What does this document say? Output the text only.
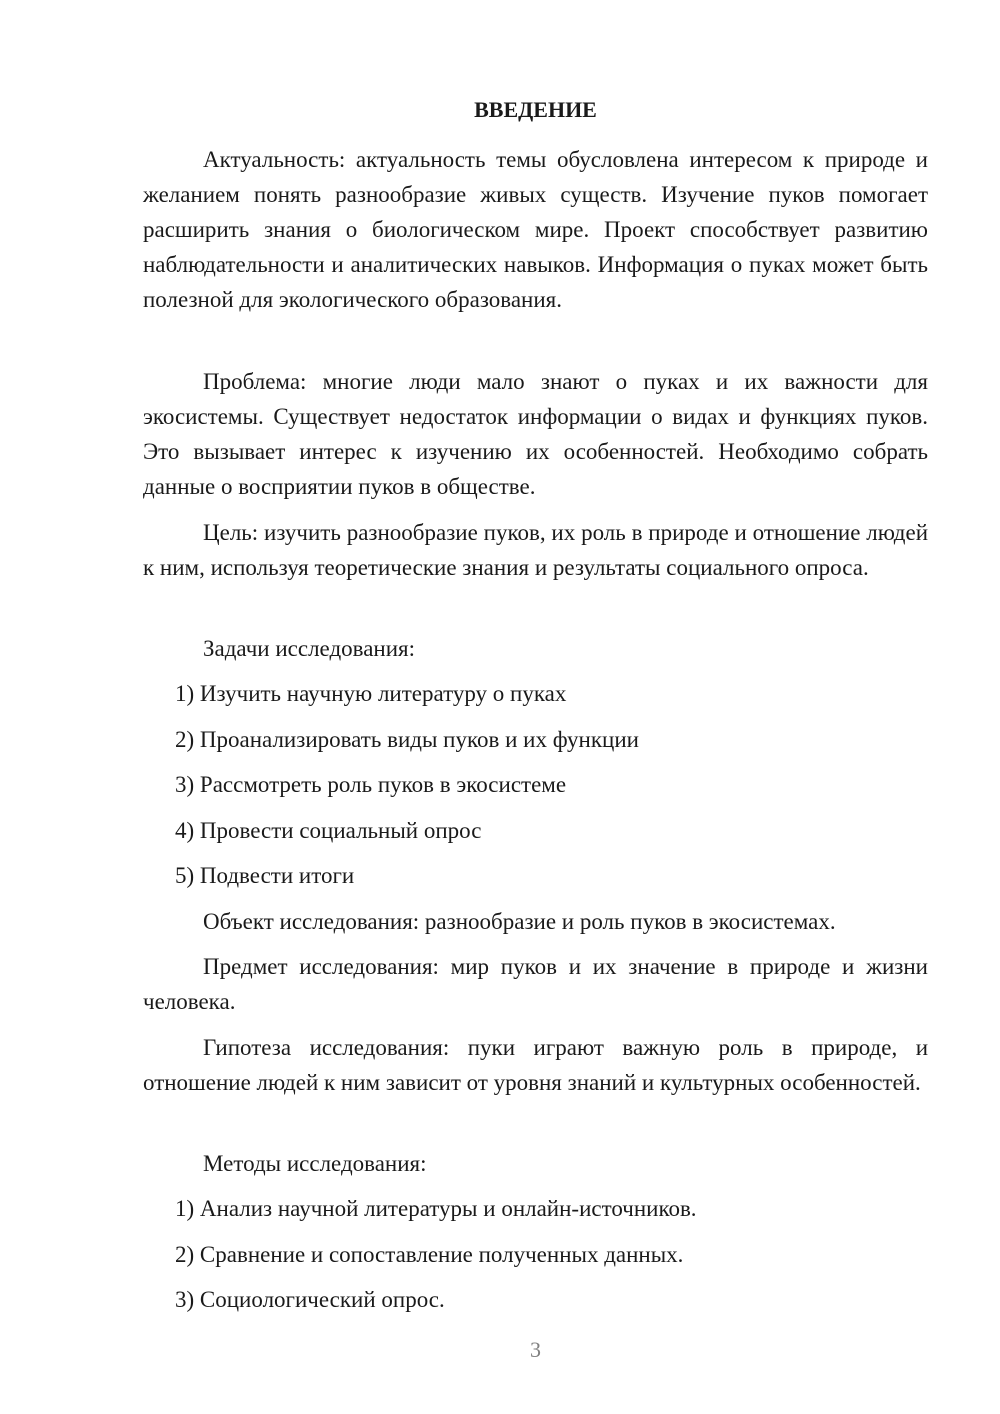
ВВЕДЕНИЕ

Актуальность: актуальность темы обусловлена интересом к природе и желанием понять разнообразие живых существ. Изучение пуков помогает расширить знания о биологическом мире. Проект способствует развитию наблюдательности и аналитических навыков. Информация о пуках может быть полезной для экологического образования.

Проблема: многие люди мало знают о пуках и их важности для экосистемы. Существует недостаток информации о видах и функциях пуков. Это вызывает интерес к изучению их особенностей. Необходимо собрать данные о восприятии пуков в обществе.

Цель: изучить разнообразие пуков, их роль в природе и отношение людей к ним, используя теоретические знания и результаты социального опроса.

Задачи исследования:

1) Изучить научную литературу о пуках

2) Проанализировать виды пуков и их функции

3) Рассмотреть роль пуков в экосистеме

4) Провести социальный опрос

5) Подвести итоги

Объект исследования: разнообразие и роль пуков в экосистемах.

Предмет исследования: мир пуков и их значение в природе и жизни человека.

Гипотеза исследования: пуки играют важную роль в природе, и отношение людей к ним зависит от уровня знаний и культурных особенностей.

Методы исследования:

1) Анализ научной литературы и онлайн-источников.

2) Сравнение и сопоставление полученных данных.

3) Социологический опрос.

3
